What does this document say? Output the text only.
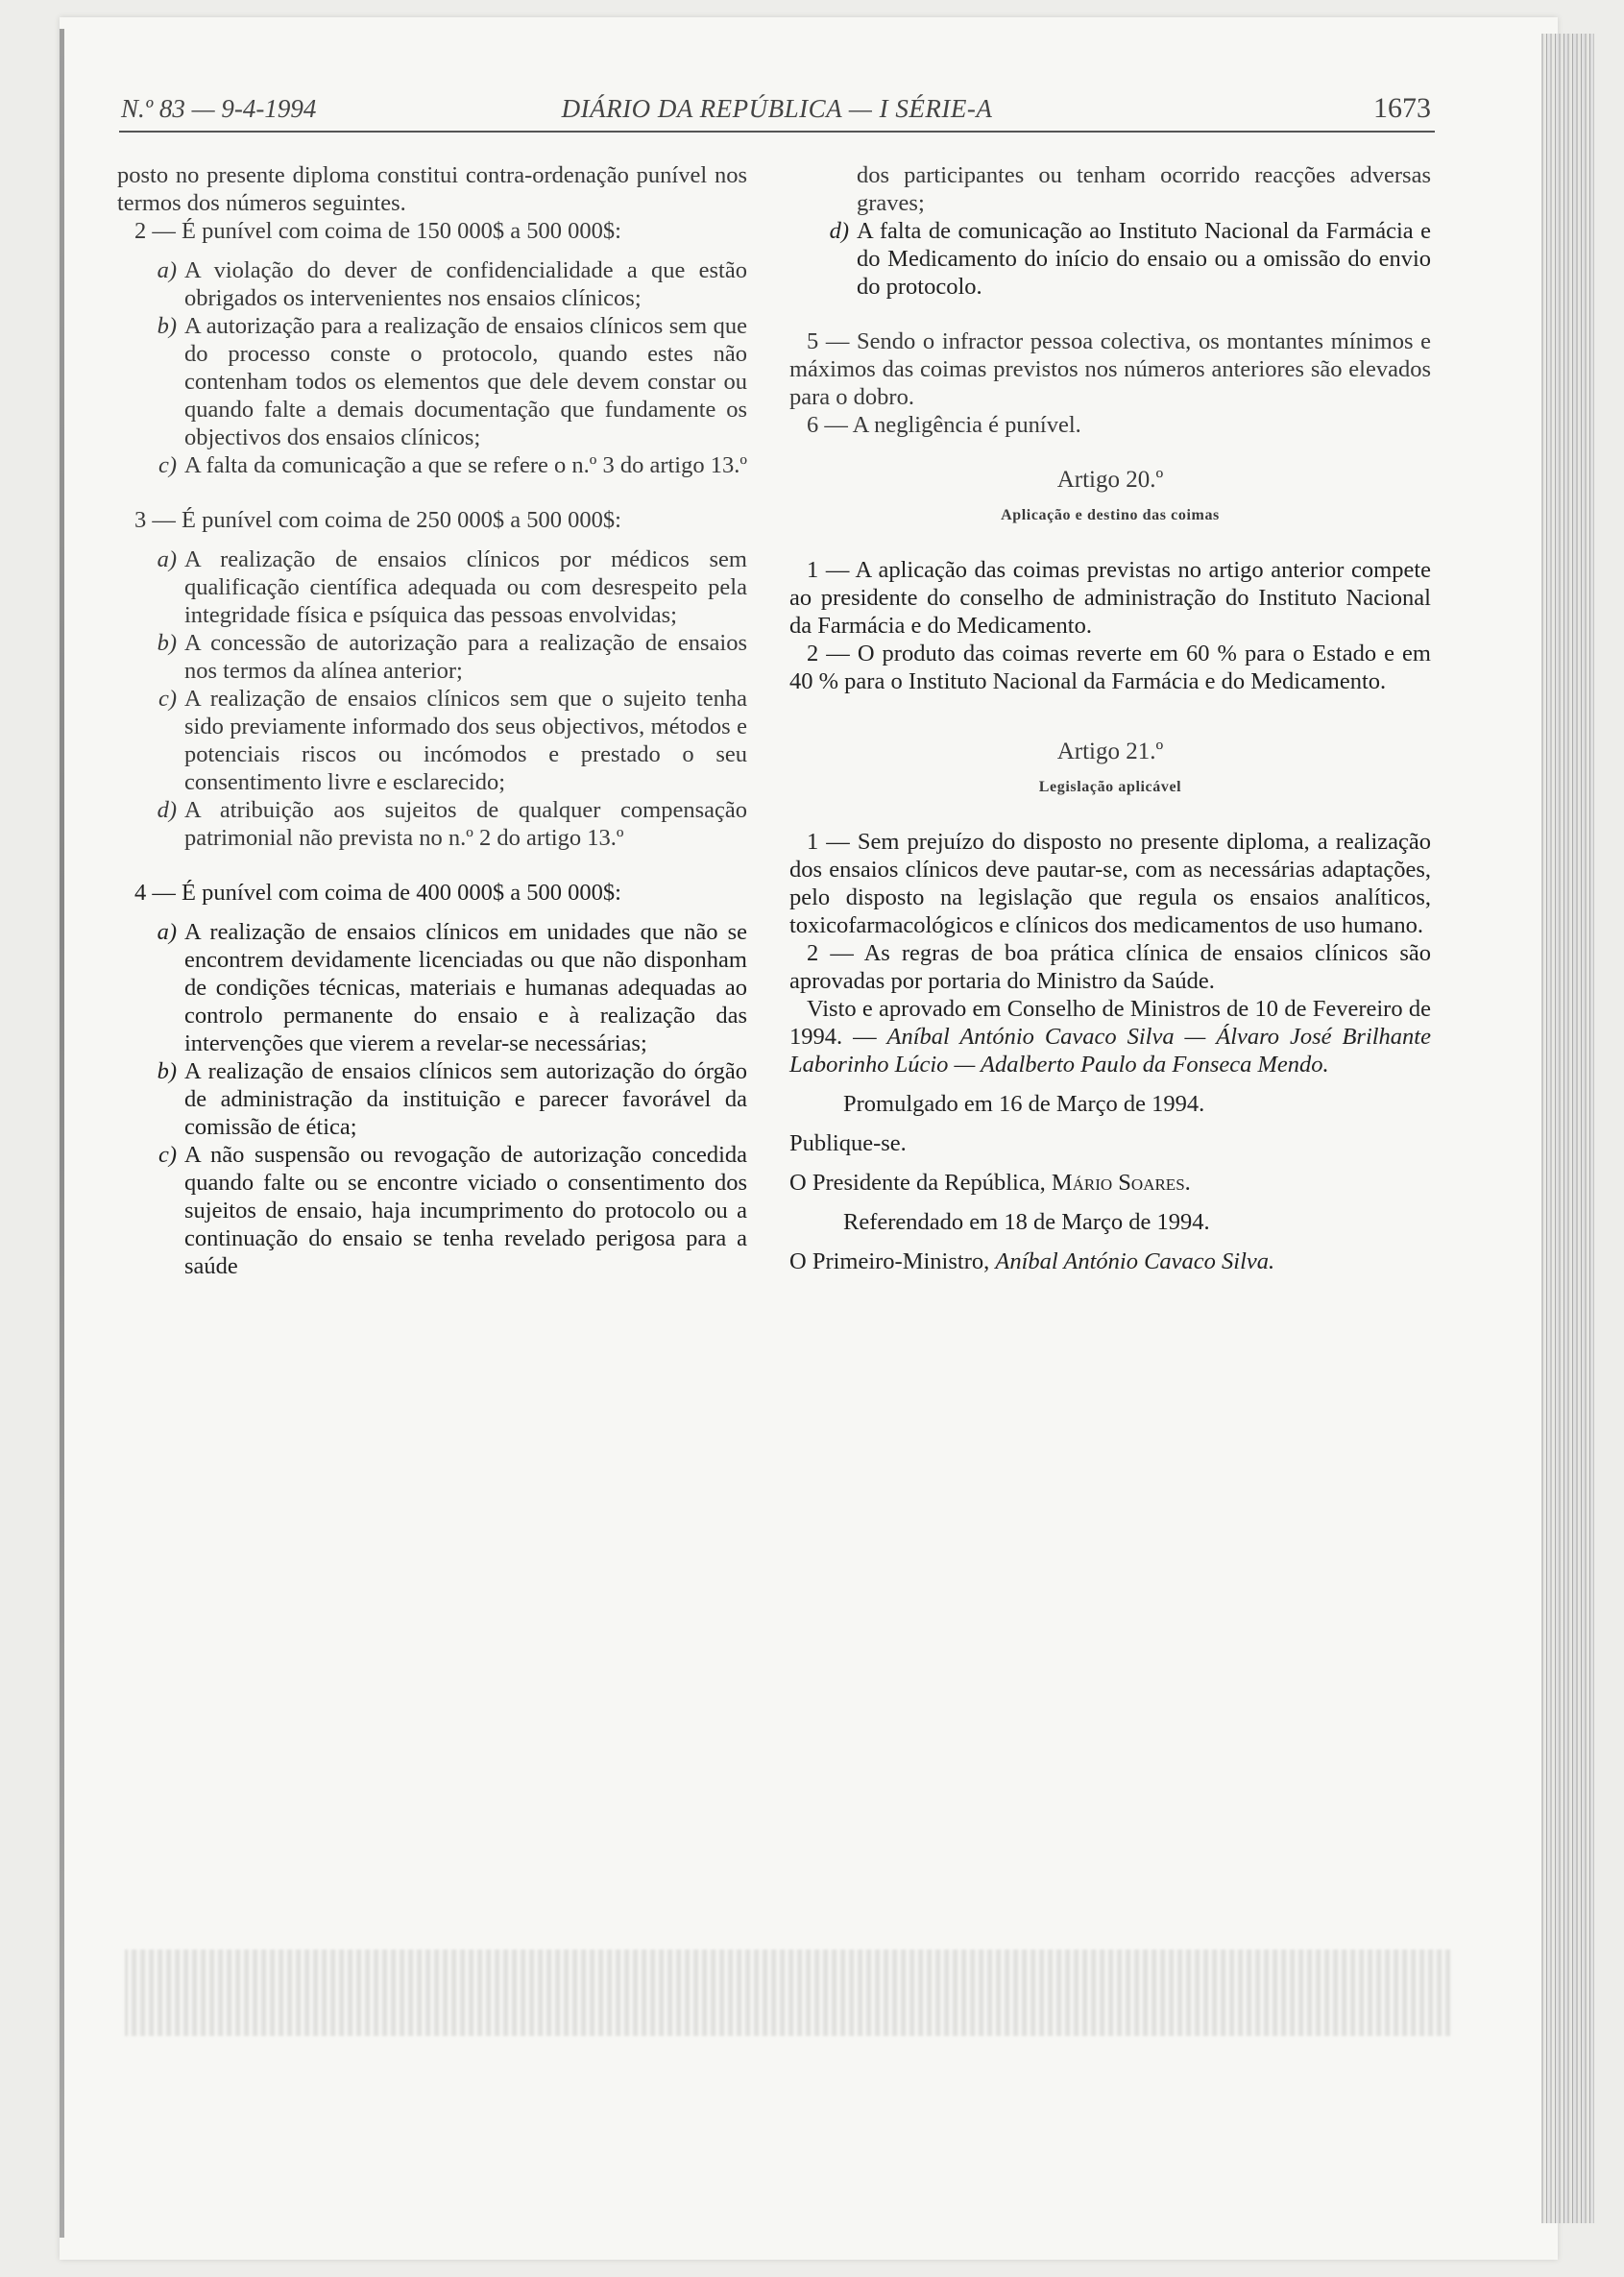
N.º 83 — 9-4-1994	DIÁRIO DA REPÚBLICA — I SÉRIE-A	1673

posto no presente diploma constitui contra-ordenação punível nos termos dos números seguintes.

2 — É punível com coima de 150 000$ a 500 000$:

a) A violação do dever de confidencialidade a que estão obrigados os intervenientes nos ensaios clínicos;
b) A autorização para a realização de ensaios clínicos sem que do processo conste o protocolo, quando estes não contenham todos os elementos que dele devem constar ou quando falte a demais documentação que fundamente os objectivos dos ensaios clínicos;
c) A falta da comunicação a que se refere o n.º 3 do artigo 13.º

3 — É punível com coima de 250 000$ a 500 000$:

a) A realização de ensaios clínicos por médicos sem qualificação científica adequada ou com desrespeito pela integridade física e psíquica das pessoas envolvidas;
b) A concessão de autorização para a realização de ensaios nos termos da alínea anterior;
c) A realização de ensaios clínicos sem que o sujeito tenha sido previamente informado dos seus objectivos, métodos e potenciais riscos ou incómodos e prestado o seu consentimento livre e esclarecido;
d) A atribuição aos sujeitos de qualquer compensação patrimonial não prevista no n.º 2 do artigo 13.º

4 — É punível com coima de 400 000$ a 500 000$:

a) A realização de ensaios clínicos em unidades que não se encontrem devidamente licenciadas ou que não disponham de condições técnicas, materiais e humanas adequadas ao controlo permanente do ensaio e à realização das intervenções que vierem a revelar-se necessárias;
b) A realização de ensaios clínicos sem autorização do órgão de administração da instituição e parecer favorável da comissão de ética;
c) A não suspensão ou revogação de autorização concedida quando falte ou se encontre viciado o consentimento dos sujeitos de ensaio, haja incumprimento do protocolo ou a continuação do ensaio se tenha revelado perigosa para a saúde

dos participantes ou tenham ocorrido reacções adversas graves;

d) A falta de comunicação ao Instituto Nacional da Farmácia e do Medicamento do início do ensaio ou a omissão do envio do protocolo.

5 — Sendo o infractor pessoa colectiva, os montantes mínimos e máximos das coimas previstos nos números anteriores são elevados para o dobro.

6 — A negligência é punível.

Artigo 20.º

Aplicação e destino das coimas

1 — A aplicação das coimas previstas no artigo anterior compete ao presidente do conselho de administração do Instituto Nacional da Farmácia e do Medicamento.

2 — O produto das coimas reverte em 60 % para o Estado e em 40 % para o Instituto Nacional da Farmácia e do Medicamento.

Artigo 21.º

Legislação aplicável

1 — Sem prejuízo do disposto no presente diploma, a realização dos ensaios clínicos deve pautar-se, com as necessárias adaptações, pelo disposto na legislação que regula os ensaios analíticos, toxicofarmacológicos e clínicos dos medicamentos de uso humano.

2 — As regras de boa prática clínica de ensaios clínicos são aprovadas por portaria do Ministro da Saúde.

Visto e aprovado em Conselho de Ministros de 10 de Fevereiro de 1994. — Aníbal António Cavaco Silva — Álvaro José Brilhante Laborinho Lúcio — Adalberto Paulo da Fonseca Mendo.

Promulgado em 16 de Março de 1994.

Publique-se.

O Presidente da República, Mário Soares.

Referendado em 18 de Março de 1994.

O Primeiro-Ministro, Aníbal António Cavaco Silva.
